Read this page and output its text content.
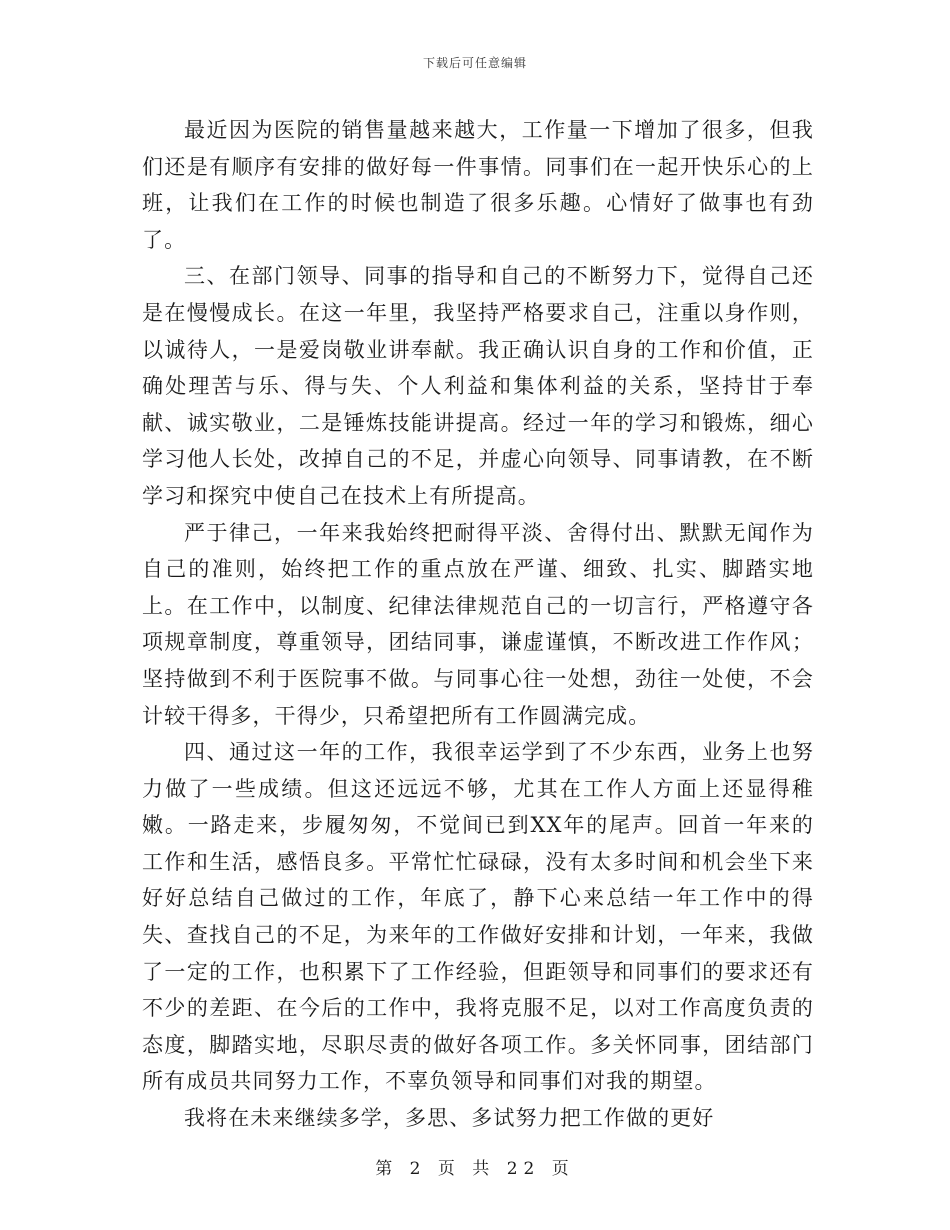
下载后可任意编辑

最近因为医院的销售量越来越大，工作量一下增加了很多，但我们还是有顺序有安排的做好每一件事情。同事们在一起开快乐心的上班，让我们在工作的时候也制造了很多乐趣。心情好了做事也有劲了。

三、在部门领导、同事的指导和自己的不断努力下，觉得自己还是在慢慢成长。在这一年里，我坚持严格要求自己，注重以身作则，以诚待人，一是爱岗敬业讲奉献。我正确认识自身的工作和价值，正确处理苦与乐、得与失、个人利益和集体利益的关系，坚持甘于奉献、诚实敬业，二是锤炼技能讲提高。经过一年的学习和锻炼，细心学习他人长处，改掉自己的不足，并虚心向领导、同事请教，在不断学习和探究中使自己在技术上有所提高。

严于律己，一年来我始终把耐得平淡、舍得付出、默默无闻作为自己的准则，始终把工作的重点放在严谨、细致、扎实、脚踏实地上。在工作中，以制度、纪律法律规范自己的一切言行，严格遵守各项规章制度，尊重领导，团结同事，谦虚谨慎，不断改进工作作风；坚持做到不利于医院事不做。与同事心往一处想，劲往一处使，不会计较干得多，干得少，只希望把所有工作圆满完成。

四、通过这一年的工作，我很幸运学到了不少东西，业务上也努力做了一些成绩。但这还远远不够，尤其在工作人方面上还显得稚嫩。一路走来，步履匆匆，不觉间已到XX年的尾声。回首一年来的工作和生活，感悟良多。平常忙忙碌碌，没有太多时间和机会坐下来好好总结自己做过的工作，年底了，静下心来总结一年工作中的得失、查找自己的不足，为来年的工作做好安排和计划，一年来，我做了一定的工作，也积累下了工作经验，但距领导和同事们的要求还有不少的差距、在今后的工作中，我将克服不足，以对工作高度负责的态度，脚踏实地，尽职尽责的做好各项工作。多关怀同事，团结部门所有成员共同努力工作，不辜负领导和同事们对我的期望。

我将在未来继续多学，多思、多试努力把工作做的更好

第 2 页 共 22 页
